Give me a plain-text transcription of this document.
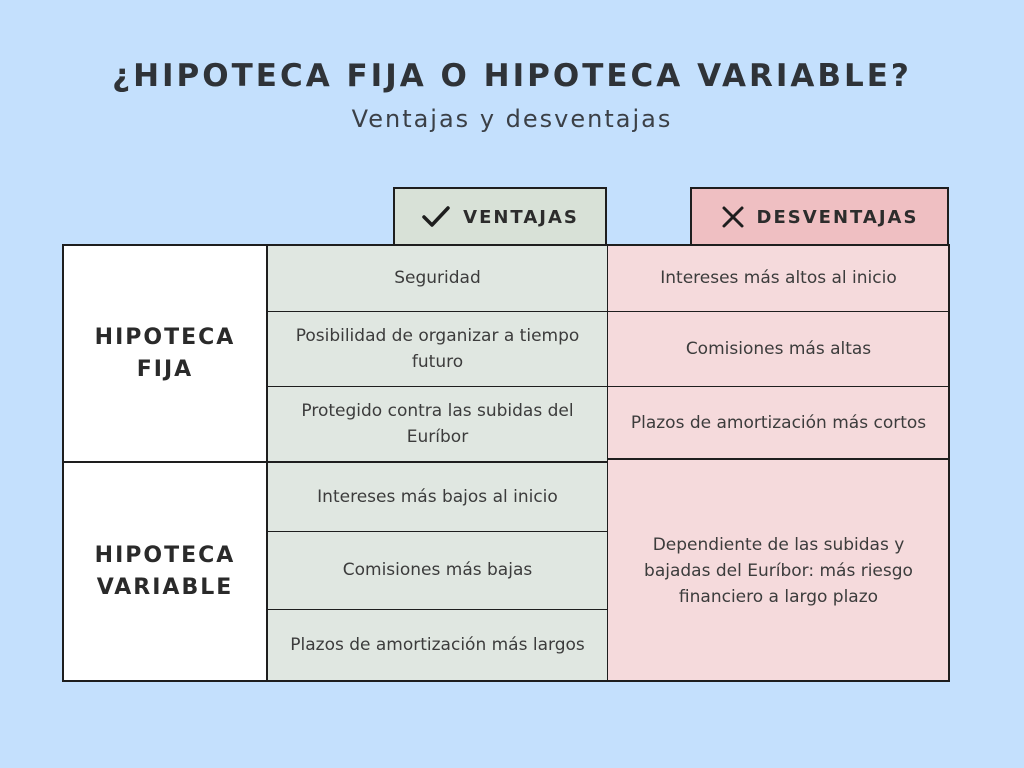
¿HIPOTECA FIJA O HIPOTECA VARIABLE?
Ventajas y desventajas
VENTAJAS	DESVENTAJAS
HIPOTECA FIJA
HIPOTECA VARIABLE
Seguridad
Posibilidad de organizar a tiempo futuro
Protegido contra las subidas del Euríbor
Intereses más altos al inicio
Comisiones más altas
Plazos de amortización más cortos
Intereses más bajos al inicio
Comisiones más bajas
Plazos de amortización más largos
Dependiente de las subidas y bajadas del Euríbor: más riesgo financiero a largo plazo
